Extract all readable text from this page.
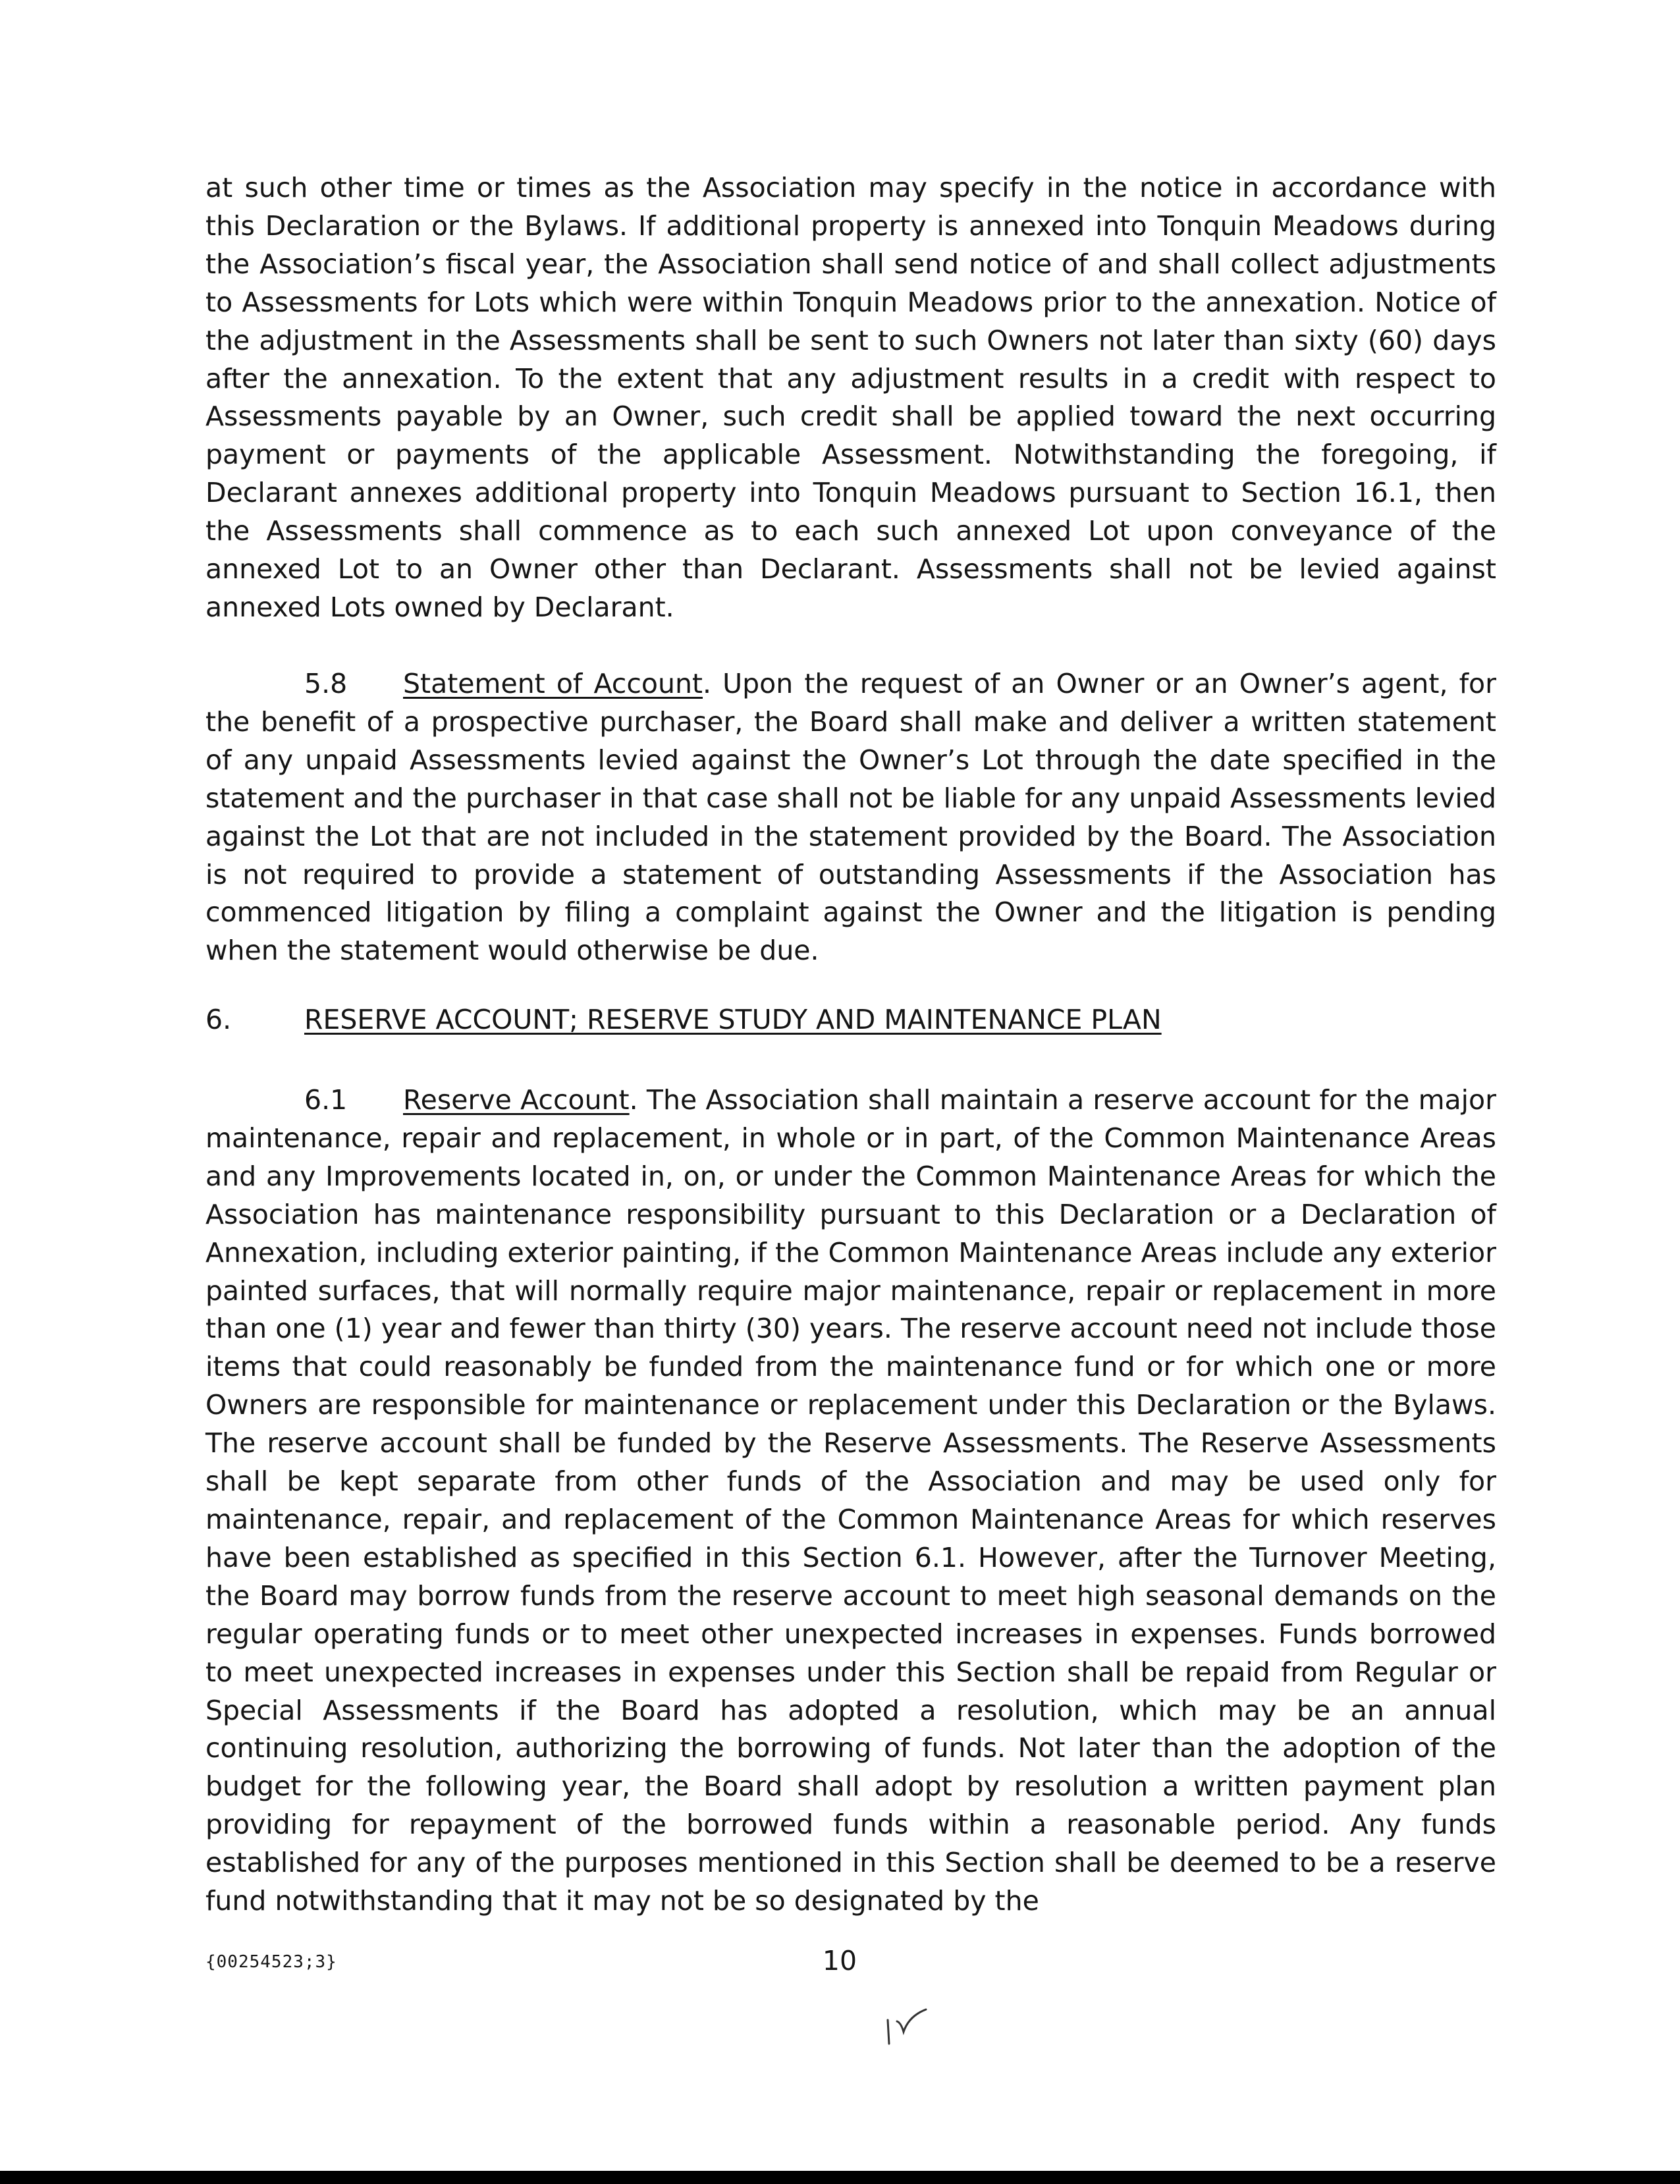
at such other time or times as the Association may specify in the notice in accordance with this Declaration or the Bylaws. If additional property is annexed into Tonquin Meadows during the Association’s fiscal year, the Association shall send notice of and shall collect adjustments to Assessments for Lots which were within Tonquin Meadows prior to the annexation. Notice of the adjustment in the Assessments shall be sent to such Owners not later than sixty (60) days after the annexation. To the extent that any adjustment results in a credit with respect to Assessments payable by an Owner, such credit shall be applied toward the next occurring payment or payments of the applicable Assessment. Notwithstanding the foregoing, if Declarant annexes additional property into Tonquin Meadows pursuant to Section 16.1, then the Assessments shall commence as to each such annexed Lot upon conveyance of the annexed Lot to an Owner other than Declarant. Assessments shall not be levied against annexed Lots owned by Declarant.

5.8 Statement of Account. Upon the request of an Owner or an Owner’s agent, for the benefit of a prospective purchaser, the Board shall make and deliver a written statement of any unpaid Assessments levied against the Owner’s Lot through the date specified in the statement and the purchaser in that case shall not be liable for any unpaid Assessments levied against the Lot that are not included in the statement provided by the Board. The Association is not required to provide a statement of outstanding Assessments if the Association has commenced litigation by filing a complaint against the Owner and the litigation is pending when the statement would otherwise be due.

6.	RESERVE ACCOUNT; RESERVE STUDY AND MAINTENANCE PLAN

6.1 Reserve Account. The Association shall maintain a reserve account for the major maintenance, repair and replacement, in whole or in part, of the Common Maintenance Areas and any Improvements located in, on, or under the Common Maintenance Areas for which the Association has maintenance responsibility pursuant to this Declaration or a Declaration of Annexation, including exterior painting, if the Common Maintenance Areas include any exterior painted surfaces, that will normally require major maintenance, repair or replacement in more than one (1) year and fewer than thirty (30) years. The reserve account need not include those items that could reasonably be funded from the maintenance fund or for which one or more Owners are responsible for maintenance or replacement under this Declaration or the Bylaws. The reserve account shall be funded by the Reserve Assessments. The Reserve Assessments shall be kept separate from other funds of the Association and may be used only for maintenance, repair, and replacement of the Common Maintenance Areas for which reserves have been established as specified in this Section 6.1. However, after the Turnover Meeting, the Board may borrow funds from the reserve account to meet high seasonal demands on the regular operating funds or to meet other unexpected increases in expenses. Funds borrowed to meet unexpected increases in expenses under this Section shall be repaid from Regular or Special Assessments if the Board has adopted a resolution, which may be an annual continuing resolution, authorizing the borrowing of funds. Not later than the adoption of the budget for the following year, the Board shall adopt by resolution a written payment plan providing for repayment of the borrowed funds within a reasonable period. Any funds established for any of the purposes mentioned in this Section shall be deemed to be a reserve fund notwithstanding that it may not be so designated by the

{00254523;3}	10
